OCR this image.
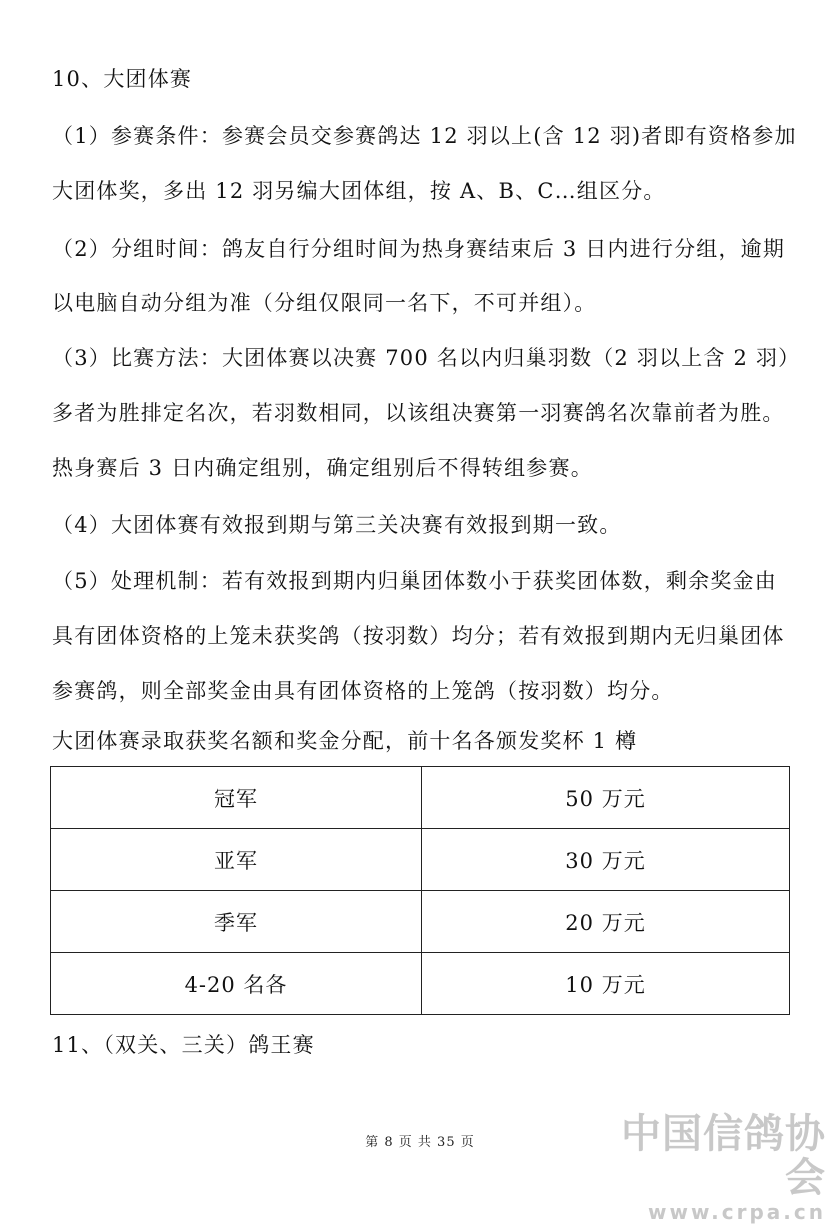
10、大团体赛
（1）参赛条件：参赛会员交参赛鸽达 12 羽以上(含 12 羽)者即有资格参加
大团体奖，多出 12 羽另编大团体组，按 A、B、C…组区分。
（2）分组时间：鸽友自行分组时间为热身赛结束后 3 日内进行分组，逾期
以电脑自动分组为准（分组仅限同一名下，不可并组）。
（3）比赛方法：大团体赛以决赛 700 名以内归巢羽数（2 羽以上含 2 羽）
多者为胜排定名次，若羽数相同，以该组决赛第一羽赛鸽名次靠前者为胜。
热身赛后 3 日内确定组别，确定组别后不得转组参赛。
（4）大团体赛有效报到期与第三关决赛有效报到期一致。
（5）处理机制：若有效报到期内归巢团体数小于获奖团体数，剩余奖金由
具有团体资格的上笼未获奖鸽（按羽数）均分；若有效报到期内无归巢团体
参赛鸽，则全部奖金由具有团体资格的上笼鸽（按羽数）均分。
大团体赛录取获奖名额和奖金分配，前十名各颁发奖杯 1 樽
冠军	50 万元
亚军	30 万元
季军	20 万元
4-20 名各	10 万元
11、（双关、三关）鸽王赛
第 8 页 共 35 页	中国信鸽协会
www.crpa.cn
